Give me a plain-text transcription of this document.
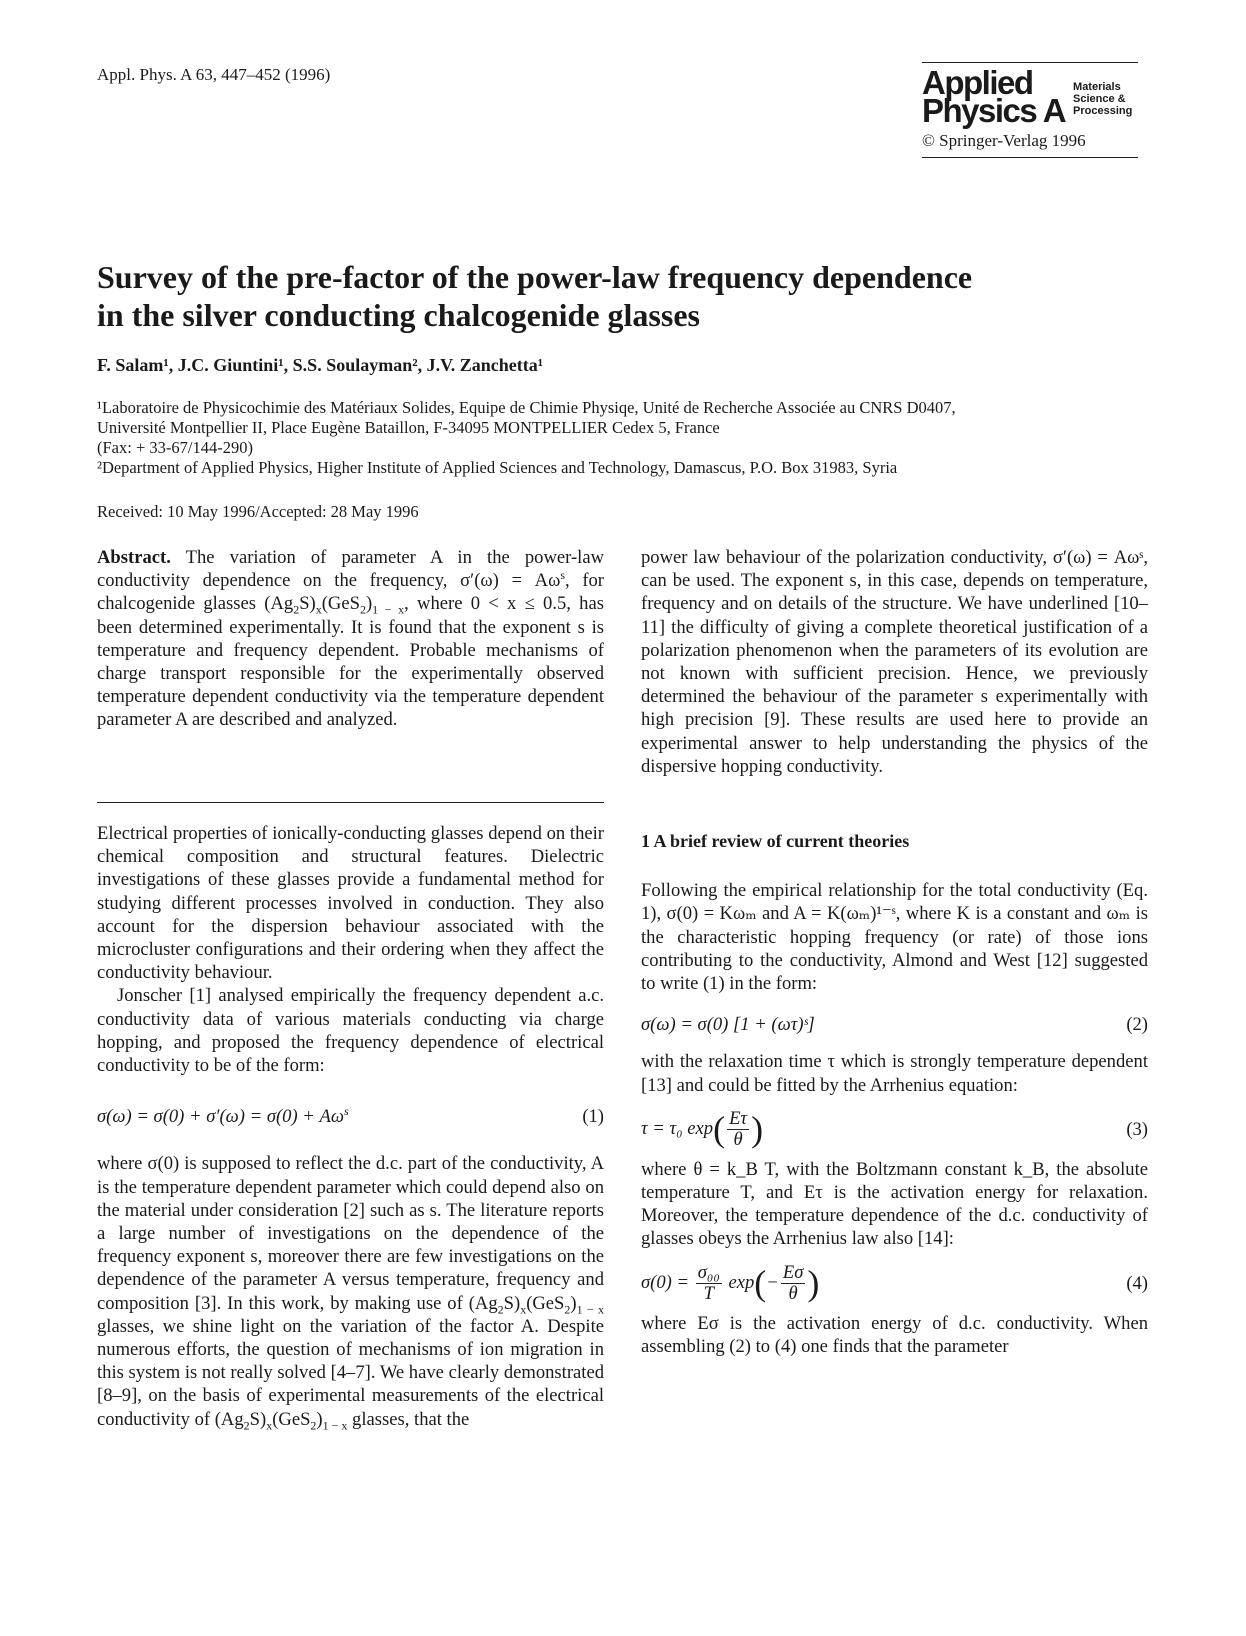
Appl. Phys. A 63, 447–452 (1996)	Applied
Physics A
Materials
Science &
Processing
© Springer-Verlag 1996
Survey of the pre-factor of the power-law frequency dependence
in the silver conducting chalcogenide glasses
F. Salam¹, J.C. Giuntini¹, S.S. Soulayman², J.V. Zanchetta¹
¹Laboratoire de Physicochimie des Matériaux Solides, Equipe de Chimie Physiqe, Unité de Recherche Associée au CNRS D0407,
Université Montpellier II, Place Eugène Bataillon, F-34095 MONTPELLIER Cedex 5, France
(Fax: + 33-67/144-290)
²Department of Applied Physics, Higher Institute of Applied Sciences and Technology, Damascus, P.O. Box 31983, Syria
Received: 10 May 1996/Accepted: 28 May 1996

Abstract. The variation of parameter A in the power-law conductivity dependence on the frequency, $\sigma'(\omega) = A\omega^s$, for chalcogenide glasses $(Ag_2S)_x(GeS_2)_{1 - x}$, where 0 < x ≤ 0.5, has been determined experimentally. It is found that the exponent s is temperature and frequency dependent. Probable mechanisms of charge transport responsible for the experimentally observed temperature dependent conductivity via the temperature dependent parameter A are described and analyzed.

Electrical properties of ionically-conducting glasses depend on their chemical composition and structural features. Dielectric investigations of these glasses provide a fundamental method for studying different processes involved in conduction. They also account for the dispersion behaviour associated with the microcluster configurations and their ordering when they affect the conductivity behaviour.

Jonscher [1] analysed empirically the frequency dependent a.c. conductivity data of various materials conducting via charge hopping, and proposed the frequency dependence of electrical conductivity to be of the form:

$\sigma(\omega) = \sigma(0) + \sigma'(\omega) = \sigma(0) + A\omega^s$	(1)

where σ(0) is supposed to reflect the d.c. part of the conductivity, A is the temperature dependent parameter which could depend also on the material under consideration [2] such as s. The literature reports a large number of investigations on the dependence of the frequency exponent s, moreover there are few investigations on the dependence of the parameter A versus temperature, frequency and composition [3]. In this work, by making use of $(Ag_2S)_x(GeS_2)_{1 - x}$ glasses, we shine light on the variation of the factor A. Despite numerous efforts, the question of mechanisms of ion migration in this system is not really solved [4–7]. We have clearly demonstrated [8–9], on the basis of experimental measurements of the electrical conductivity of $(Ag_2S)_x(GeS_2)_{1 - x}$ glasses, that the

power law behaviour of the polarization conductivity, σ′(ω) = Aωˢ, can be used. The exponent s, in this case, depends on temperature, frequency and on details of the structure. We have underlined [10–11] the difficulty of giving a complete theoretical justification of a polarization phenomenon when the parameters of its evolution are not known with sufficient precision. Hence, we previously determined the behaviour of the parameter s experimentally with high precision [9]. These results are used here to provide an experimental answer to help understanding the physics of the dispersive hopping conductivity.

1 A brief review of current theories

Following the empirical relationship for the total conductivity (Eq. 1), σ(0) = Kωₘ and A = K(ωₘ)¹⁻ˢ, where K is a constant and ωₘ is the characteristic hopping frequency (or rate) of those ions contributing to the conductivity, Almond and West [12] suggested to write (1) in the form:

σ(ω) = σ(0) [1 + (ωτ)ˢ]	(2)

with the relaxation time τ which is strongly temperature dependent [13] and could be fitted by the Arrhenius equation:

τ = τ₀ $\exp( \frac{E\tau}{\theta}$ )	(3)

where θ = k_B T, with the Boltzmann constant k_B, the absolute temperature T, and Eτ is the activation energy for relaxation. Moreover, the temperature dependence of the d.c. conductivity of glasses obeys the Arrhenius law also [14]:

$\sigma(0) = \frac{\text{σ₀₀}}{T} \exp(- \frac{E\sigma}{\theta}$ )	(4)

where Eσ is the activation energy of d.c. conductivity. When assembling (2) to (4) one finds that the parameter
